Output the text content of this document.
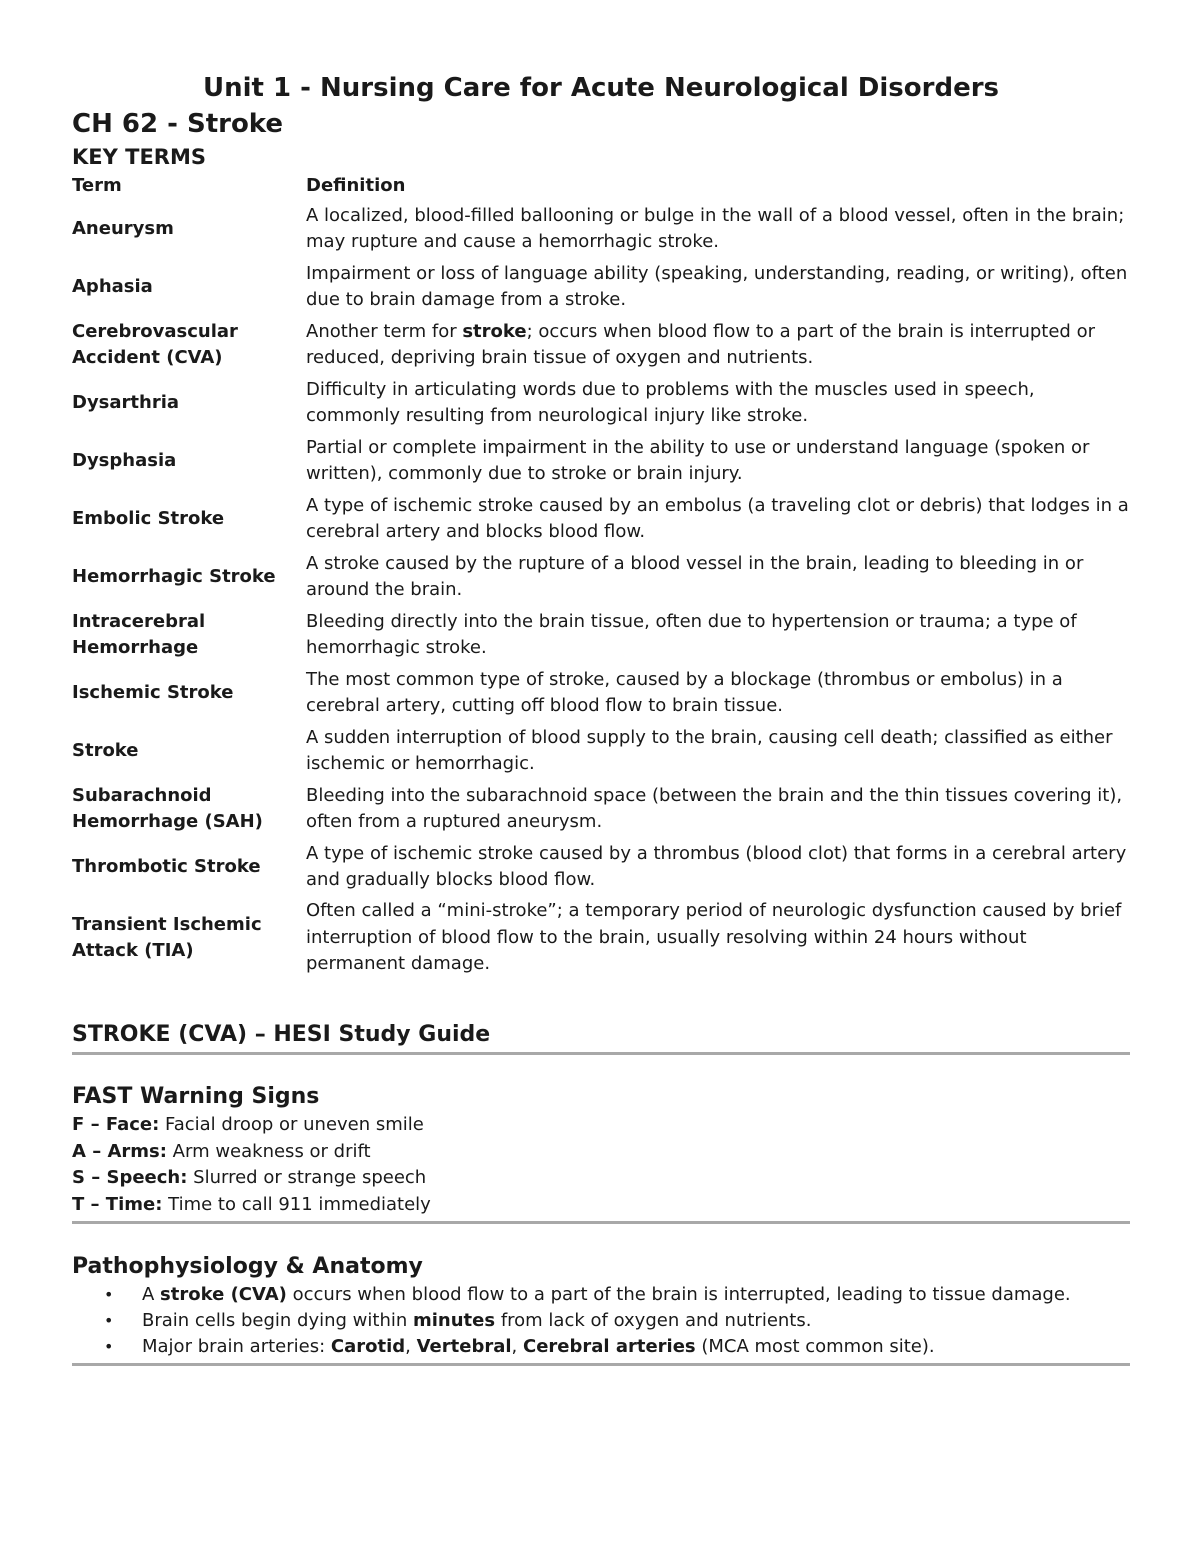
Unit 1 - Nursing Care for Acute Neurological Disorders
CH 62 - Stroke
KEY TERMS
Term	Definition
Aneurysm	A localized, blood-filled ballooning or bulge in the wall of a blood vessel, often in the brain; may rupture and cause a hemorrhagic stroke.
Aphasia	Impairment or loss of language ability (speaking, understanding, reading, or writing), often due to brain damage from a stroke.
Cerebrovascular Accident (CVA)	Another term for stroke; occurs when blood flow to a part of the brain is interrupted or reduced, depriving brain tissue of oxygen and nutrients.
Dysarthria	Difficulty in articulating words due to problems with the muscles used in speech, commonly resulting from neurological injury like stroke.
Dysphasia	Partial or complete impairment in the ability to use or understand language (spoken or written), commonly due to stroke or brain injury.
Embolic Stroke	A type of ischemic stroke caused by an embolus (a traveling clot or debris) that lodges in a cerebral artery and blocks blood flow.
Hemorrhagic Stroke	A stroke caused by the rupture of a blood vessel in the brain, leading to bleeding in or around the brain.
Intracerebral Hemorrhage	Bleeding directly into the brain tissue, often due to hypertension or trauma; a type of hemorrhagic stroke.
Ischemic Stroke	The most common type of stroke, caused by a blockage (thrombus or embolus) in a cerebral artery, cutting off blood flow to brain tissue.
Stroke	A sudden interruption of blood supply to the brain, causing cell death; classified as either ischemic or hemorrhagic.
Subarachnoid Hemorrhage (SAH)	Bleeding into the subarachnoid space (between the brain and the thin tissues covering it), often from a ruptured aneurysm.
Thrombotic Stroke	A type of ischemic stroke caused by a thrombus (blood clot) that forms in a cerebral artery and gradually blocks blood flow.
Transient Ischemic Attack (TIA)	Often called a “mini-stroke”; a temporary period of neurologic dysfunction caused by brief interruption of blood flow to the brain, usually resolving within 24 hours without permanent damage.
STROKE (CVA) – HESI Study Guide
FAST Warning Signs

F – Face: Facial droop or uneven smile

A – Arms: Arm weakness or drift

S – Speech: Slurred or strange speech

T – Time: Time to call 911 immediately

Pathophysiology & Anatomy
• A stroke (CVA) occurs when blood flow to a part of the brain is interrupted, leading to tissue damage.
• Brain cells begin dying within minutes from lack of oxygen and nutrients.
• Major brain arteries: Carotid, Vertebral, Cerebral arteries (MCA most common site).
